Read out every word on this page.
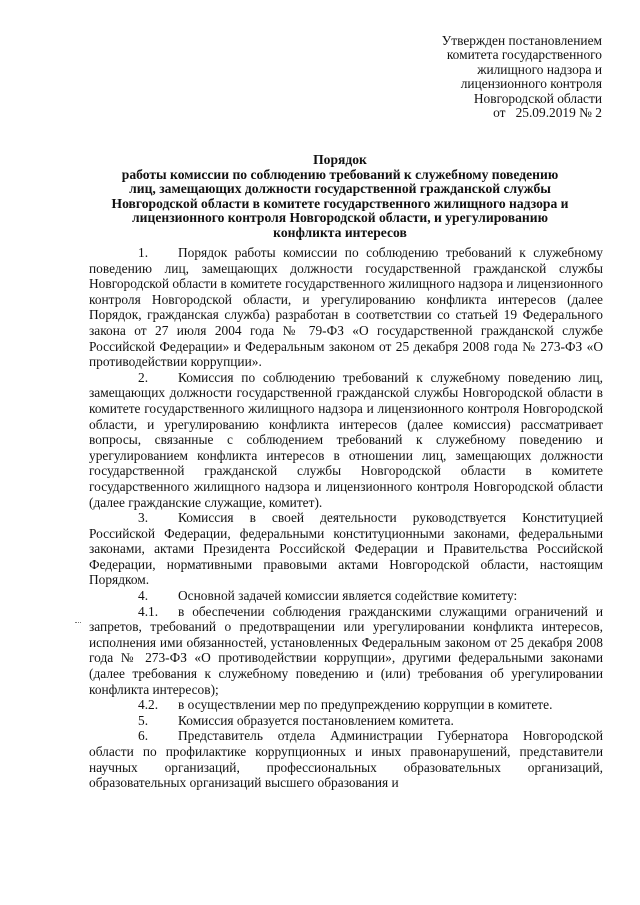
Утвержден постановлением
комитета государственного
жилищного надзора и
лицензионного контроля
Новгородской области
от   25.09.2019 № 2
Порядок
работы комиссии по соблюдению требований к служебному поведению
лиц, замещающих должности государственной гражданской службы
Новгородской области в комитете государственного жилищного надзора и
лицензионного контроля Новгородской области, и урегулированию
конфликта интересов

1. Порядок работы комиссии по соблюдению требований к служебному поведению лиц, замещающих должности государственной гражданской службы Новгородской области в комитете государственного жилищного надзора и лицензионного контроля Новгородской области, и урегулированию конфликта интересов (далее Порядок, гражданская служба) разработан в соответствии со статьей 19 Федерального закона от 27 июля 2004 года № 79-ФЗ «О государственной гражданской службе Российской Федерации» и Федеральным законом от 25 декабря 2008 года № 273-ФЗ «О противодействии коррупции».

2. Комиссия по соблюдению требований к служебному поведению лиц, замещающих должности государственной гражданской службы Новгородской области в комитете государственного жилищного надзора и лицензионного контроля Новгородской области, и урегулированию конфликта интересов (далее комиссия) рассматривает вопросы, связанные с соблюдением требований к служебному поведению и урегулированием конфликта интересов в отношении лиц, замещающих должности государственной гражданской службы Новгородской области в комитете государственного жилищного надзора и лицензионного контроля Новгородской области (далее гражданские служащие, комитет).

3. Комиссия в своей деятельности руководствуется Конституцией Российской Федерации, федеральными конституционными законами, федеральными законами, актами Президента Российской Федерации и Правительства Российской Федерации, нормативными правовыми актами Новгородской области, настоящим Порядком.

4. Основной задачей комиссии является содействие комитету:

4.1. в обеспечении соблюдения гражданскими служащими ограничений и запретов, требований о предотвращении или урегулировании конфликта интересов, исполнения ими обязанностей, установленных Федеральным законом от 25 декабря 2008 года № 273-ФЗ «О противодействии коррупции», другими федеральными законами (далее требования к служебному поведению и (или) требования об урегулировании конфликта интересов);

4.2. в осуществлении мер по предупреждению коррупции в комитете.

5. Комиссия образуется постановлением комитета.

6. Представитель отдела Администрации Губернатора Новгородской области по профилактике коррупционных и иных правонарушений, представители научных организаций, профессиональных образовательных организаций, образовательных организаций высшего образования и
